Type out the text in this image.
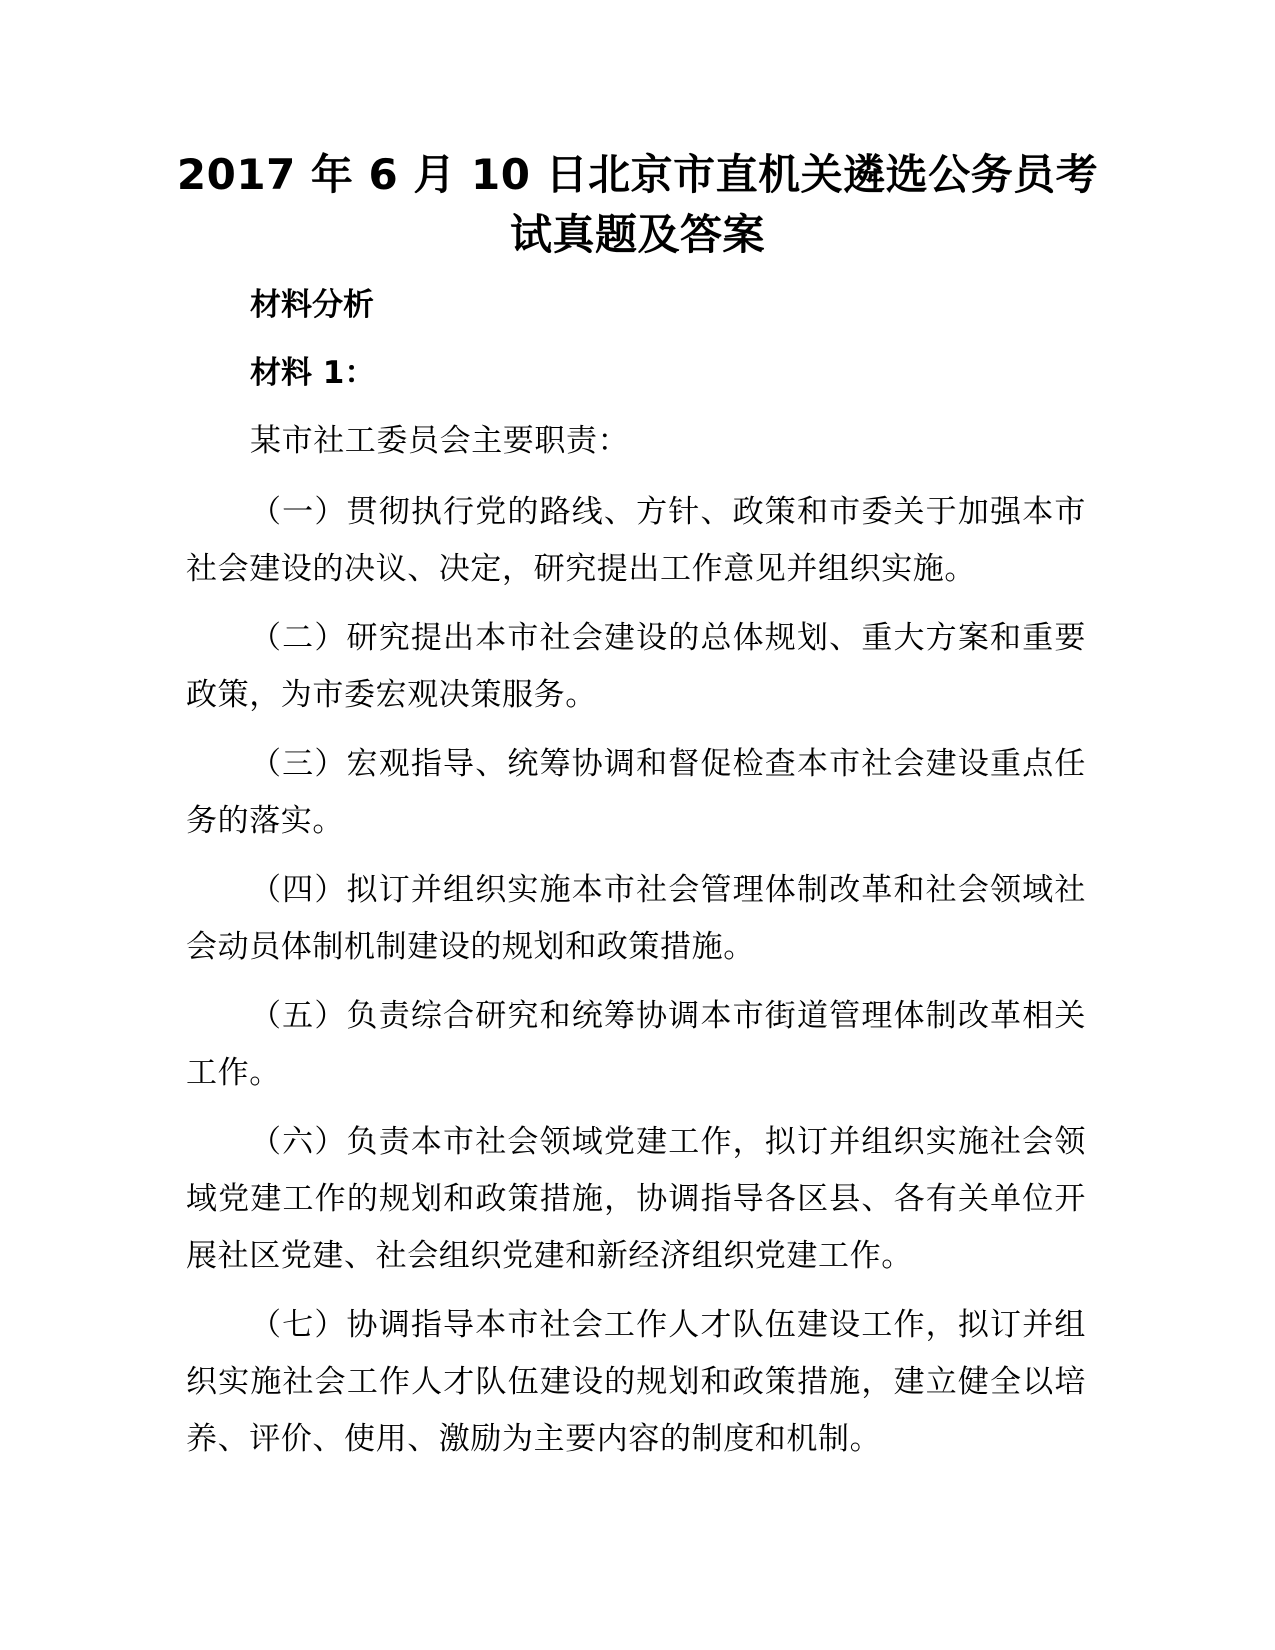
2017 年 6 月 10 日北京市直机关遴选公务员考试真题及答案

材料分析

材料 1：

某市社工委员会主要职责：

（一）贯彻执行党的路线、方针、政策和市委关于加强本市社会建设的决议、决定，研究提出工作意见并组织实施。

（二）研究提出本市社会建设的总体规划、重大方案和重要政策，为市委宏观决策服务。

（三）宏观指导、统筹协调和督促检查本市社会建设重点任务的落实。

（四）拟订并组织实施本市社会管理体制改革和社会领域社会动员体制机制建设的规划和政策措施。

（五）负责综合研究和统筹协调本市街道管理体制改革相关工作。

（六）负责本市社会领域党建工作，拟订并组织实施社会领域党建工作的规划和政策措施，协调指导各区县、各有关单位开展社区党建、社会组织党建和新经济组织党建工作。

（七）协调指导本市社会工作人才队伍建设工作，拟订并组织实施社会工作人才队伍建设的规划和政策措施，建立健全以培养、评价、使用、激励为主要内容的制度和机制。
